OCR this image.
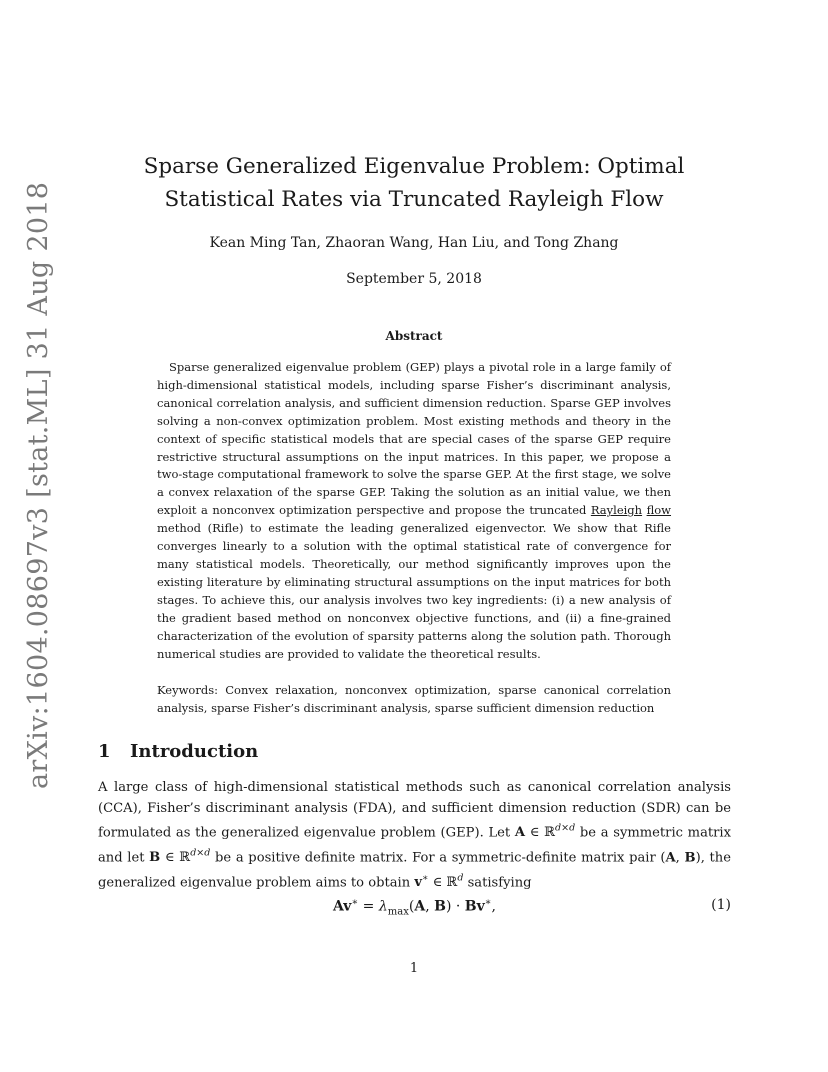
arXiv:1604.08697v3 [stat.ML] 31 Aug 2018
Sparse Generalized Eigenvalue Problem: Optimal Statistical Rates via Truncated Rayleigh Flow
Kean Ming Tan, Zhaoran Wang, Han Liu, and Tong Zhang
September 5, 2018
Abstract

Sparse generalized eigenvalue problem (GEP) plays a pivotal role in a large family of high-dimensional statistical models, including sparse Fisher’s discriminant analysis, canonical correlation analysis, and sufficient dimension reduction. Sparse GEP involves solving a non-convex optimization problem. Most existing methods and theory in the context of specific statistical models that are special cases of the sparse GEP require restrictive structural assumptions on the input matrices. In this paper, we propose a two-stage computational framework to solve the sparse GEP. At the first stage, we solve a convex relaxation of the sparse GEP. Taking the solution as an initial value, we then exploit a nonconvex optimization perspective and propose the truncated Rayleigh flow method (Rifle) to estimate the leading generalized eigenvector. We show that Rifle converges linearly to a solution with the optimal statistical rate of convergence for many statistical models. Theoretically, our method significantly improves upon the existing literature by eliminating structural assumptions on the input matrices for both stages. To achieve this, our analysis involves two key ingredients: (i) a new analysis of the gradient based method on nonconvex objective functions, and (ii) a fine-grained characterization of the evolution of sparsity patterns along the solution path. Thorough numerical studies are provided to validate the theoretical results.

Keywords: Convex relaxation, nonconvex optimization, sparse canonical correlation analysis, sparse Fisher’s discriminant analysis, sparse sufficient dimension reduction
1 Introduction

A large class of high-dimensional statistical methods such as canonical correlation analysis (CCA), Fisher’s discriminant analysis (FDA), and sufficient dimension reduction (SDR) can be formulated as the generalized eigenvalue problem (GEP). Let A ∈ ℝ$^{d\times d}$ be a symmetric matrix and let B ∈ ℝ$^{d\times d}$ be a positive definite matrix. For a symmetric-definite matrix pair (A, B), the generalized eigenvalue problem aims to obtain v∗ ∈ ℝ$^d$ satisfying

$Av^∗ = \lambda_{max}(A$, B) · Bv∗,	(1)
1
